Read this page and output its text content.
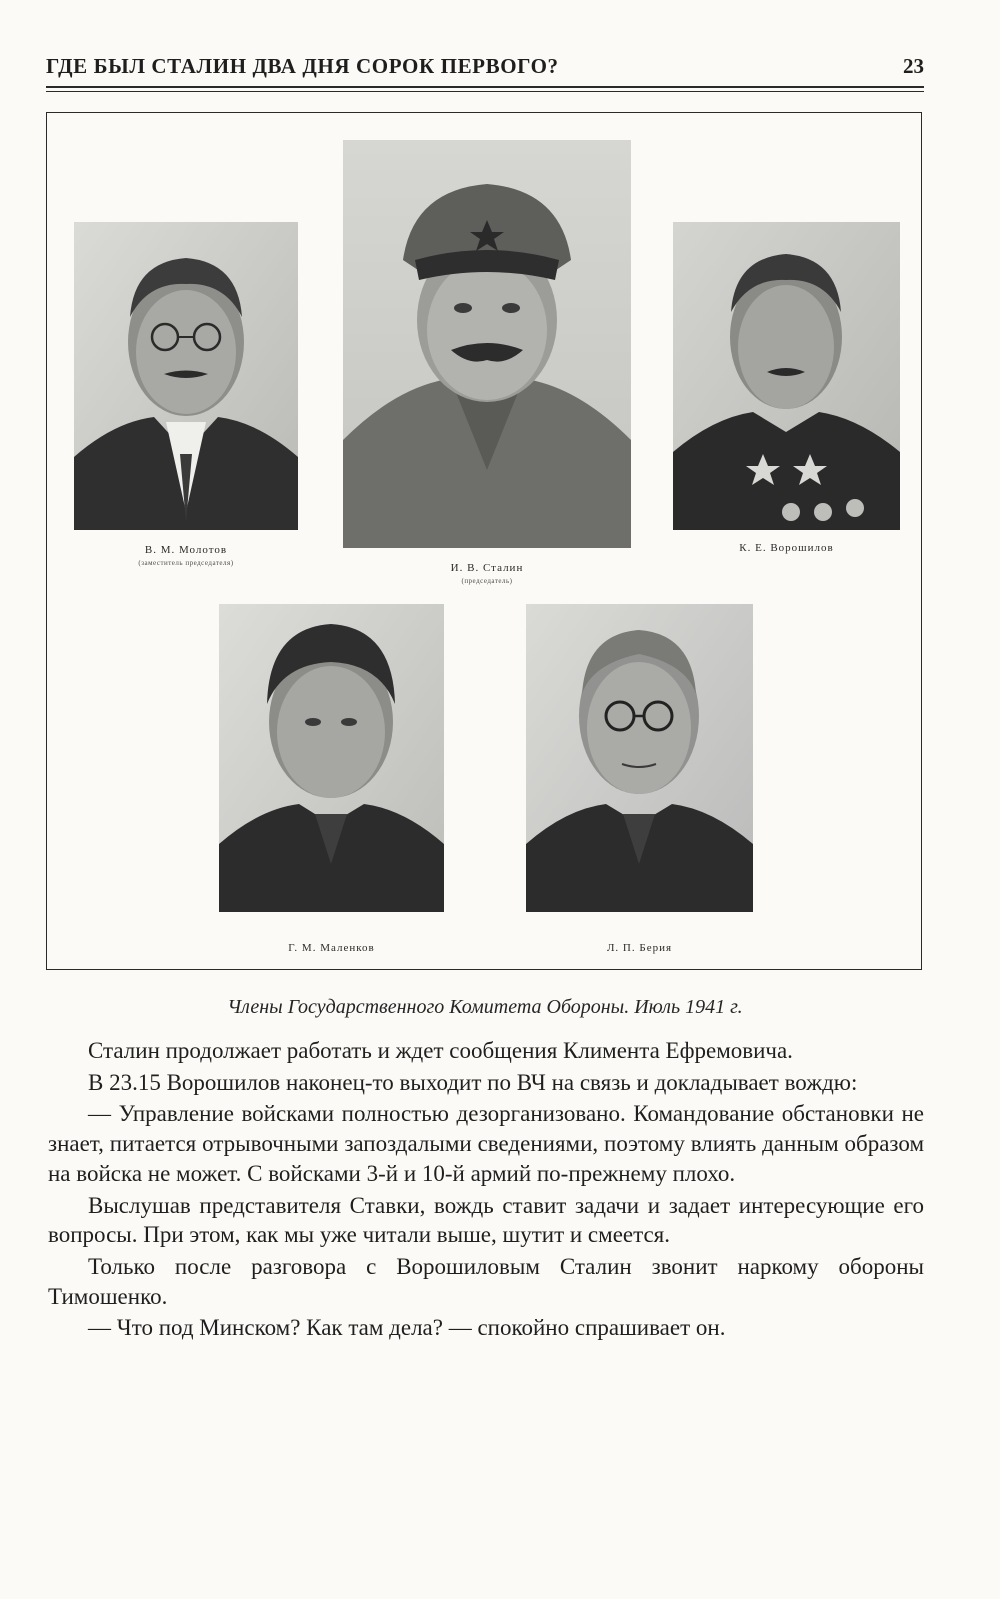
ГДЕ БЫЛ СТАЛИН ДВА ДНЯ СОРОК ПЕРВОГО?	23
В. М. Молотов
(заместитель председателя)	И. В. Сталин
(председатель)
К. Е. Ворошилов
Г. М. Маленков	Л. П. Берия
Члены Государственного Комитета Обороны. Июль 1941 г.

Сталин продолжает работать и ждет сообщения Климента Ефремовича.

В 23.15 Ворошилов наконец-то выходит по ВЧ на связь и докладывает вождю:

— Управление войсками полностью дезорганизовано. Командование обстановки не знает, питается отрывочными запоздалыми сведениями, поэтому влиять данным образом на войска не может. С войсками 3-й и 10-й армий по-прежнему плохо.

Выслушав представителя Ставки, вождь ставит задачи и задает интересующие его вопросы. При этом, как мы уже читали выше, шутит и смеется.

Только после разговора с Ворошиловым Сталин звонит наркому обороны Тимошенко.

— Что под Минском? Как там дела? — спокойно спрашивает он.
